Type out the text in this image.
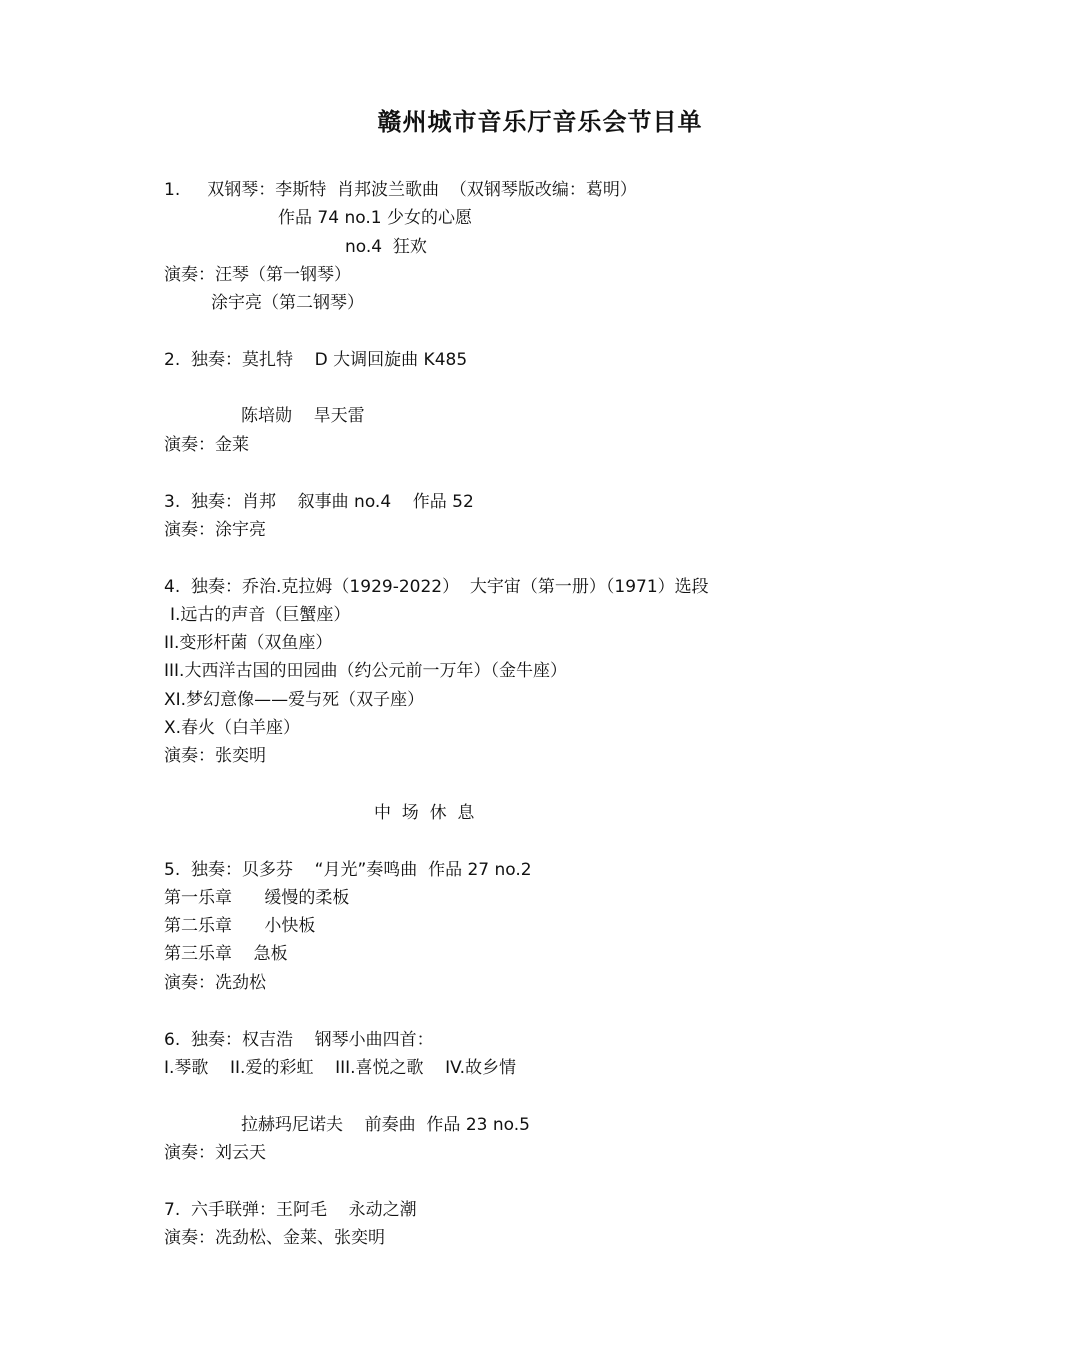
赣州城市音乐厅音乐会节目单
1.     双钢琴：李斯特  肖邦波兰歌曲  （双钢琴版改编：葛明）
作品 74 no.1 少女的心愿
no.4  狂欢
演奏：汪琴（第一钢琴）
涂宇亮（第二钢琴）
2.  独奏：莫扎特    D 大调回旋曲 K485
陈培勋    旱天雷
演奏：金莱
3.  独奏：肖邦    叙事曲 no.4    作品 52
演奏：涂宇亮
4.  独奏：乔治.克拉姆（1929-2022）  大宇宙（第一册）（1971）选段
I.远古的声音（巨蟹座）
II.变形杆菌（双鱼座）
III.大西洋古国的田园曲（约公元前一万年）（金牛座）
XI.梦幻意像——爱与死（双子座）
X.春火（白羊座）
演奏：张奕明
中  场  休  息
5.  独奏：贝多芬    “月光”奏鸣曲  作品 27 no.2
第一乐章      缓慢的柔板
第二乐章      小快板
第三乐章    急板
演奏：冼劲松
6.  独奏：权吉浩    钢琴小曲四首：
I.琴歌    II.爱的彩虹    III.喜悦之歌    IV.故乡情
拉赫玛尼诺夫    前奏曲  作品 23 no.5
演奏：刘云天
7.  六手联弹：王阿毛    永动之潮
演奏：冼劲松、金莱、张奕明
